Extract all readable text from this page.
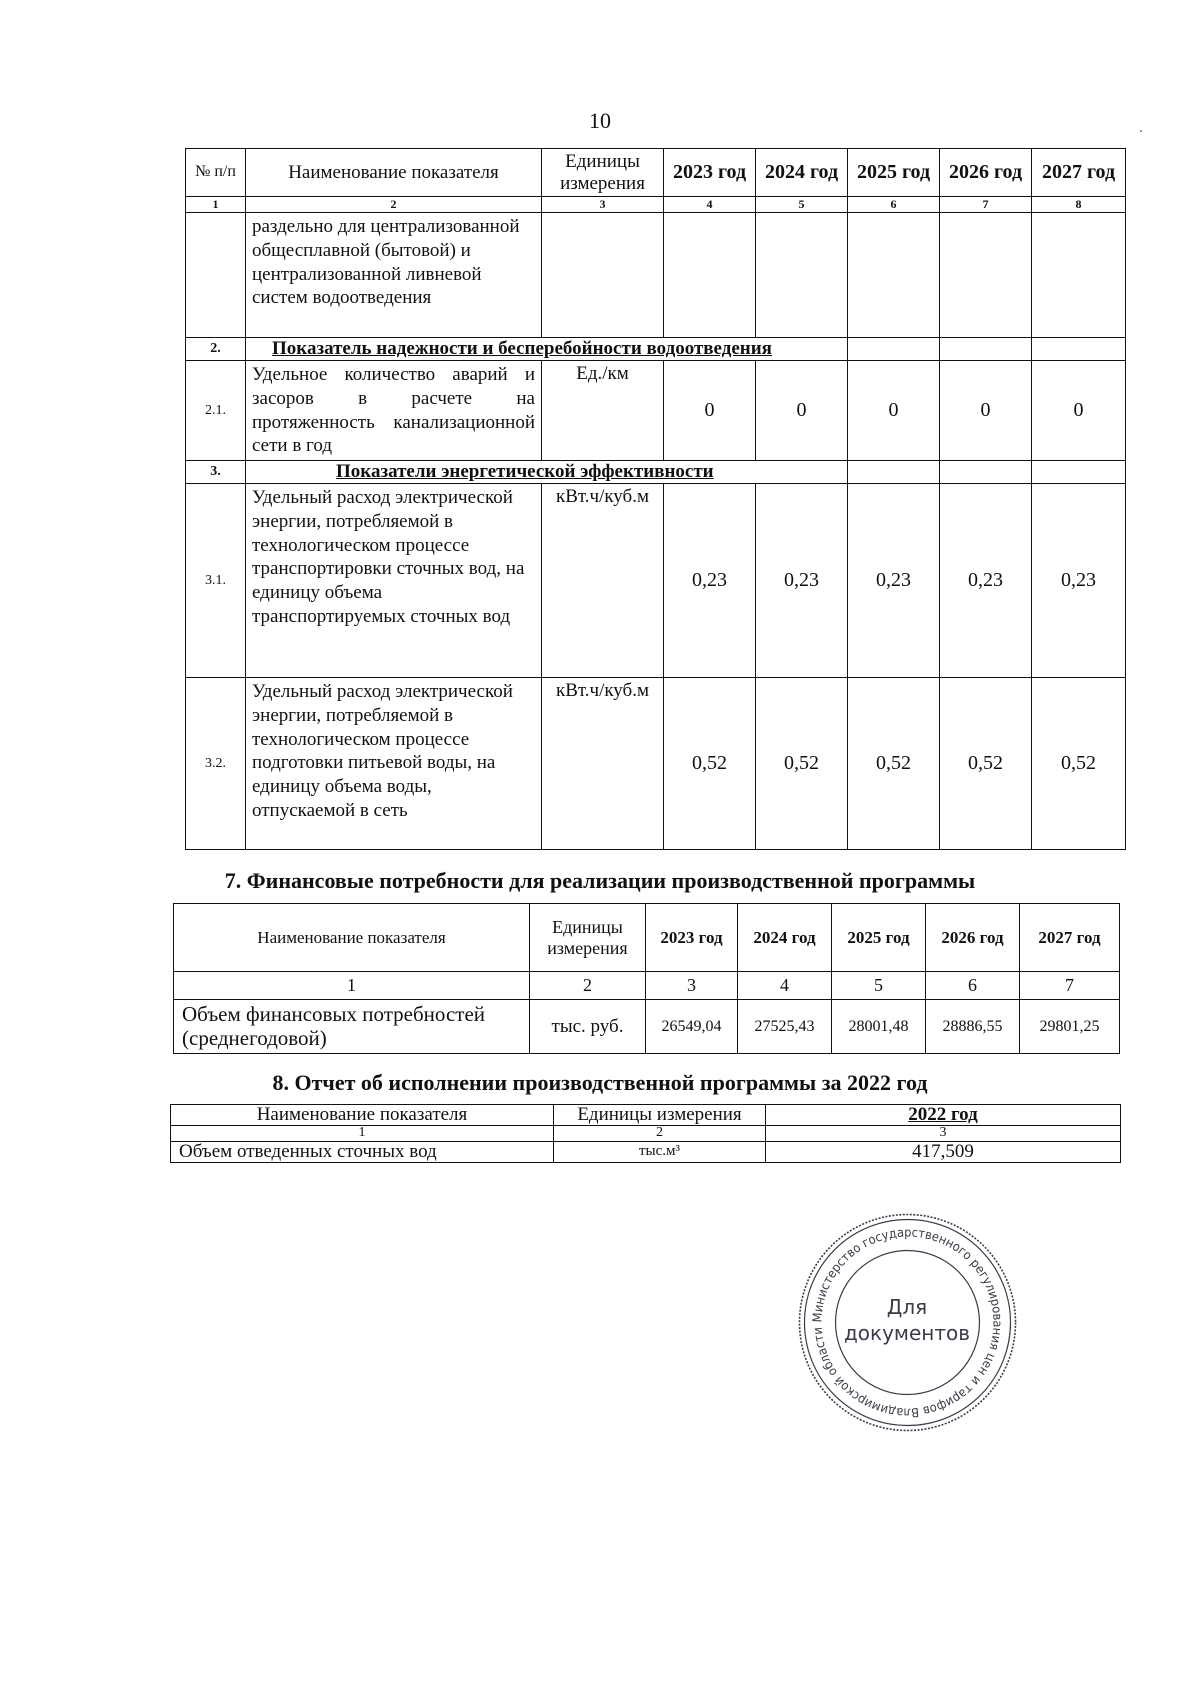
10
№ п/п	Наименование показателя	Единицы измерения	2023 год	2024 год	2025 год	2026 год	2027 год
1	2	3	4	5	6	7	8
	раздельно для централизованной общесплавной (бытовой) и централизованной ливневой систем водоотведения						
2.	Показатель надежности и бесперебойности водоотведения						
2.1.	Удельное количество аварий и засоров в расчете на протяженность канализационной сети в год	Ед./км	0	0	0	0	0
3.	Показатели энергетической эффективности						
3.1.	Удельный расход электрической энергии, потребляемой в технологическом процессе транспортировки сточных вод, на единицу объема транспортируемых сточных вод	кВт.ч/куб.м	0,23	0,23	0,23	0,23	0,23
3.2.	Удельный расход электрической энергии, потребляемой в технологическом процессе подготовки питьевой воды, на единицу объема воды, отпускаемой в сеть	кВт.ч/куб.м	0,52	0,52	0,52	0,52	0,52
7. Финансовые потребности для реализации производственной программы
Наименование показателя	Единицы измерения	2023 год	2024 год	2025 год	2026 год	2027 год
1	2	3	4	5	6	7
Объем финансовых потребностей (среднегодовой)	тыс. руб.	26549,04	27525,43	28001,48	28886,55	29801,25
8. Отчет об исполнении производственной программы за 2022 год
Наименование показателя	Единицы измерения	2022 год
1	2	3
Объем отведенных сточных вод	тыс.м³	417,509
Министерство государственного регулирования цен и тарифов Владимирской области
Для
документов
